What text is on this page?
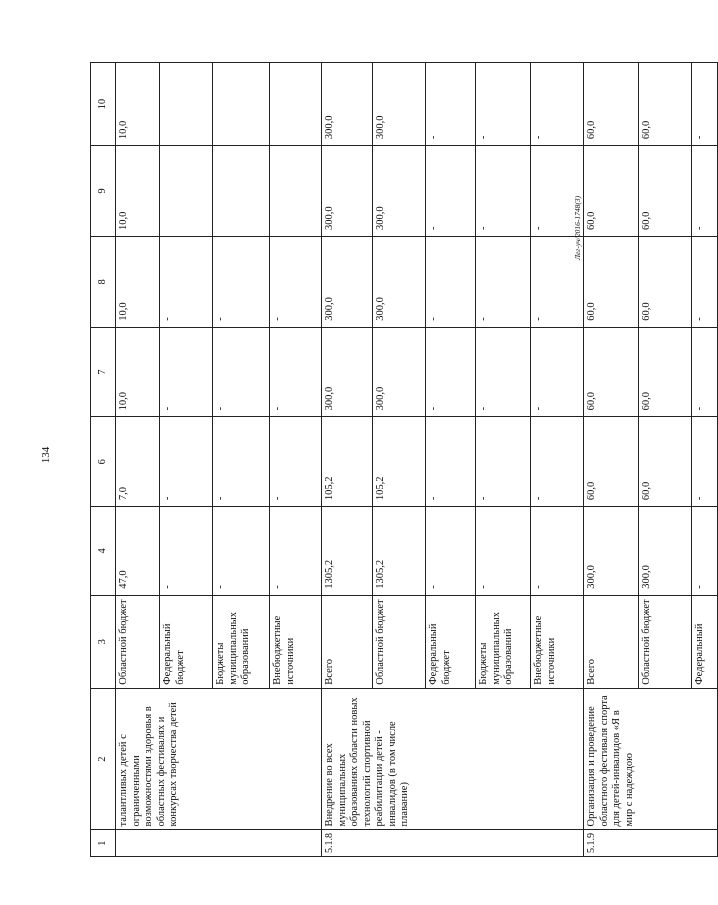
134
Лег-уч/2016-1748(3)
1	2	3	4	6	7	8	9	10
	талантливых детей с ограниченными возможностями здоровья в областных фестивалях и конкурсах творчества детей	Областной бюджет	47,0	7,0	10,0	10,0	10,0	10,0
		Федеральный бюджет	-	-	-	-		
		Бюджеты муниципальных образований	-	-	-	-		
		Внебюджетные источники	-	-	-	-		
5.1.8	Внедрение во всех муниципальных образованиях области новых технологий спортивной реабилитации детей - инвалидов (в том числе плавание)	Всего	1305,2	105,2	300,0	300,0	300,0	300,0
		Областной бюджет	1305,2	105,2	300,0	300,0	300,0	300,0
		Федеральный бюджет	-	-	-	-	-	-
		Бюджеты муниципальных образований	-	-	-	-	-	-
		Внебюджетные источники	-	-	-	-	-	-
5.1.9	Организация и проведение областного фестиваля спорта для детей-инвалидов «Я в мир с надеждою	Всего	300,0	60,0	60,0	60,0	60,0	60,0
		Областной бюджет	300,0	60,0	60,0	60,0	60,0	60,0
		Федеральный	-	-	-	-	-	-
